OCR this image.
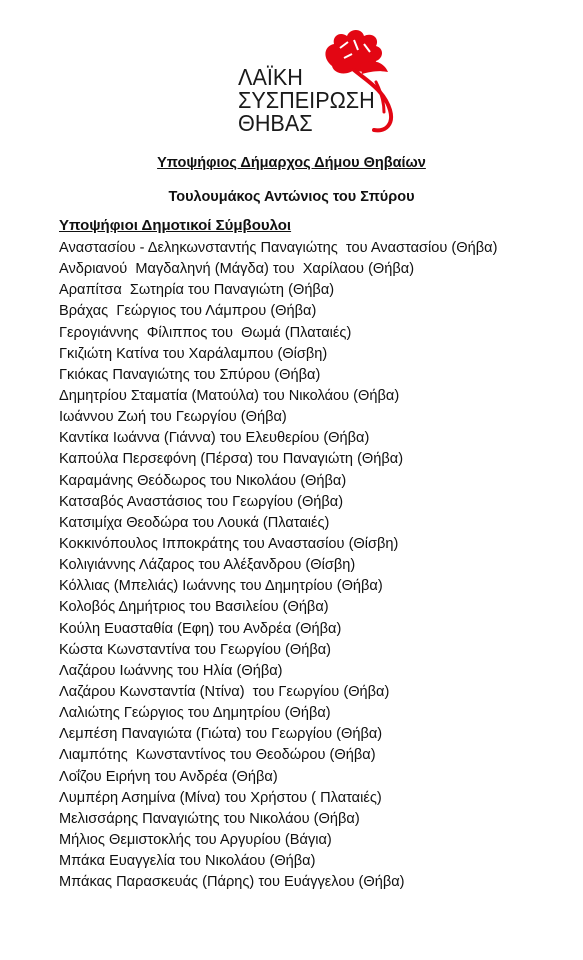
ΛΑΪΚΗ
ΣΥΣΠΕΙΡΩΣΗ
ΘΗΒΑΣ
Υποψήφιος Δήμαρχος Δήμου Θηβαίων
Τουλουμάκος Αντώνιος του Σπύρου
Υποψήφιοι Δημοτικοί Σύμβουλοι
Αναστασίου - Δεληκωνσταντής Παναγιώτης  του Αναστασίου (Θήβα)
Ανδριανού  Μαγδαληνή (Μάγδα) του  Χαρίλαου (Θήβα)
Αραπίτσα  Σωτηρία του Παναγιώτη (Θήβα)
Βράχας  Γεώργιος του Λάμπρου (Θήβα)
Γερογιάννης  Φίλιππος του  Θωμά (Πλαταιές)
Γκιζιώτη Κατίνα του Χαράλαμπου (Θίσβη)
Γκιόκας Παναγιώτης του Σπύρου (Θήβα)
Δημητρίου Σταματία (Ματούλα) του Νικολάου (Θήβα)
Ιωάννου Ζωή του Γεωργίου (Θήβα)
Καντίκα Ιωάννα (Γιάννα) του Ελευθερίου (Θήβα)
Καπούλα Περσεφόνη (Πέρσα) του Παναγιώτη (Θήβα)
Καραμάνης Θεόδωρος του Νικολάου (Θήβα)
Κατσαβός Αναστάσιος του Γεωργίου (Θήβα)
Κατσιμίχα Θεοδώρα του Λουκά (Πλαταιές)
Κοκκινόπουλος Ιπποκράτης του Αναστασίου (Θίσβη)
Κολιγιάννης Λάζαρος του Αλέξανδρου (Θίσβη)
Κόλλιας (Μπελιάς) Ιωάννης του Δημητρίου (Θήβα)
Κολοβός Δημήτριος του Βασιλείου (Θήβα)
Κούλη Ευασταθία (Εφη) του Ανδρέα (Θήβα)
Κώστα Κωνσταντίνα του Γεωργίου (Θήβα)
Λαζάρου Ιωάννης του Ηλία (Θήβα)
Λαζάρου Κωνσταντία (Ντίνα)  του Γεωργίου (Θήβα)
Λαλιώτης Γεώργιος του Δημητρίου (Θήβα)
Λεμπέση Παναγιώτα (Γιώτα) του Γεωργίου (Θήβα)
Λιαμπότης  Κωνσταντίνος του Θεοδώρου (Θήβα)
Λοΐζου Ειρήνη του Ανδρέα (Θήβα)
Λυμπέρη Ασημίνα (Μίνα) του Χρήστου ( Πλαταιές)
Μελισσάρης Παναγιώτης του Νικολάου (Θήβα)
Μήλιος Θεμιστοκλής του Αργυρίου (Βάγια)
Μπάκα Ευαγγελία του Νικολάου (Θήβα)
Μπάκας Παρασκευάς (Πάρης) του Ευάγγελου (Θήβα)
